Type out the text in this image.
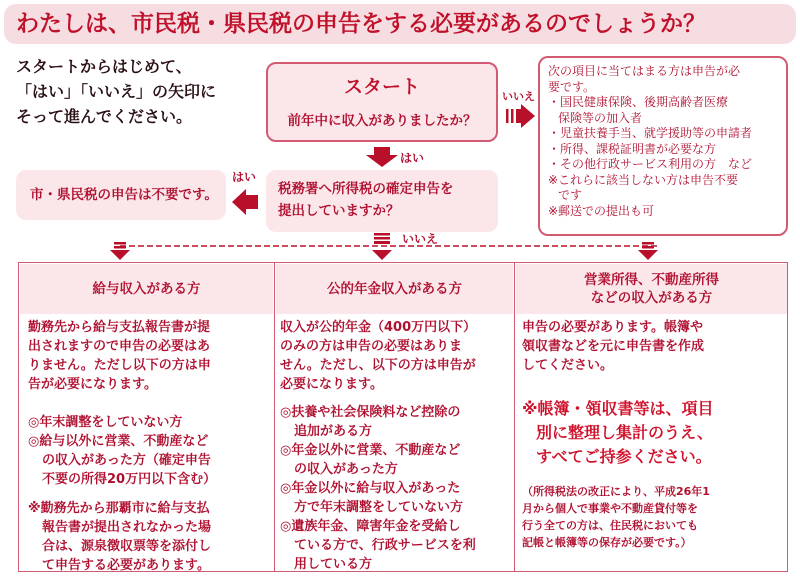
わたしは、市民税・県民税の申告をする必要があるのでしょうか？
スタートからはじめて、
「はい」「いいえ」の矢印に
そって進んでください。
スタート
前年中に収入がありましたか？
税務署へ所得税の確定申告を
提出していますか？
市・県民税の申告は不要です。
次の項目に当てはまる方は申告が必
要です。
・国民健康保険、後期高齢者医療
保険等の加入者
・児童扶養手当、就学援助等の申請者
・所得、課税証明書が必要な方
・その他行政サービス利用の方　など
※これらに該当しない方は申告不要
です
※郵送での提出も可
はい
いいえ
はい
いいえ
給与収入がある方
勤務先から給与支払報告書が提
出されますので申告の必要はあ
りません。ただし以下の方は申
告が必要になります。
◎年末調整をしていない方
◎給与以外に営業、不動産など
の収入があった方（確定申告
不要の所得20万円以下含む）
※勤務先から那覇市に給与支払
報告書が提出されなかった場
合は、源泉徴収票等を添付し
て申告する必要があります。
公的年金収入がある方
収入が公的年金（400万円以下）
のみの方は申告の必要はありま
せん。ただし、以下の方は申告が
必要になります。
◎扶養や社会保険料など控除の
追加がある方
◎年金以外に営業、不動産など
の収入があった方
◎年金以外に給与収入があった
方で年末調整をしていない方
◎遺族年金、障害年金を受給し
ている方で、行政サービスを利
用している方
営業所得、不動産所得
などの収入がある方
申告の必要があります。帳簿や
領収書などを元に申告書を作成
してください。
※帳簿・領収書等は、項目
別に整理し集計のうえ、
すべてご持参ください。
（所得税法の改正により、平成26年1
月から個人で事業や不動産貸付等を
行う全ての方は、住民税においても
記帳と帳簿等の保存が必要です。）
